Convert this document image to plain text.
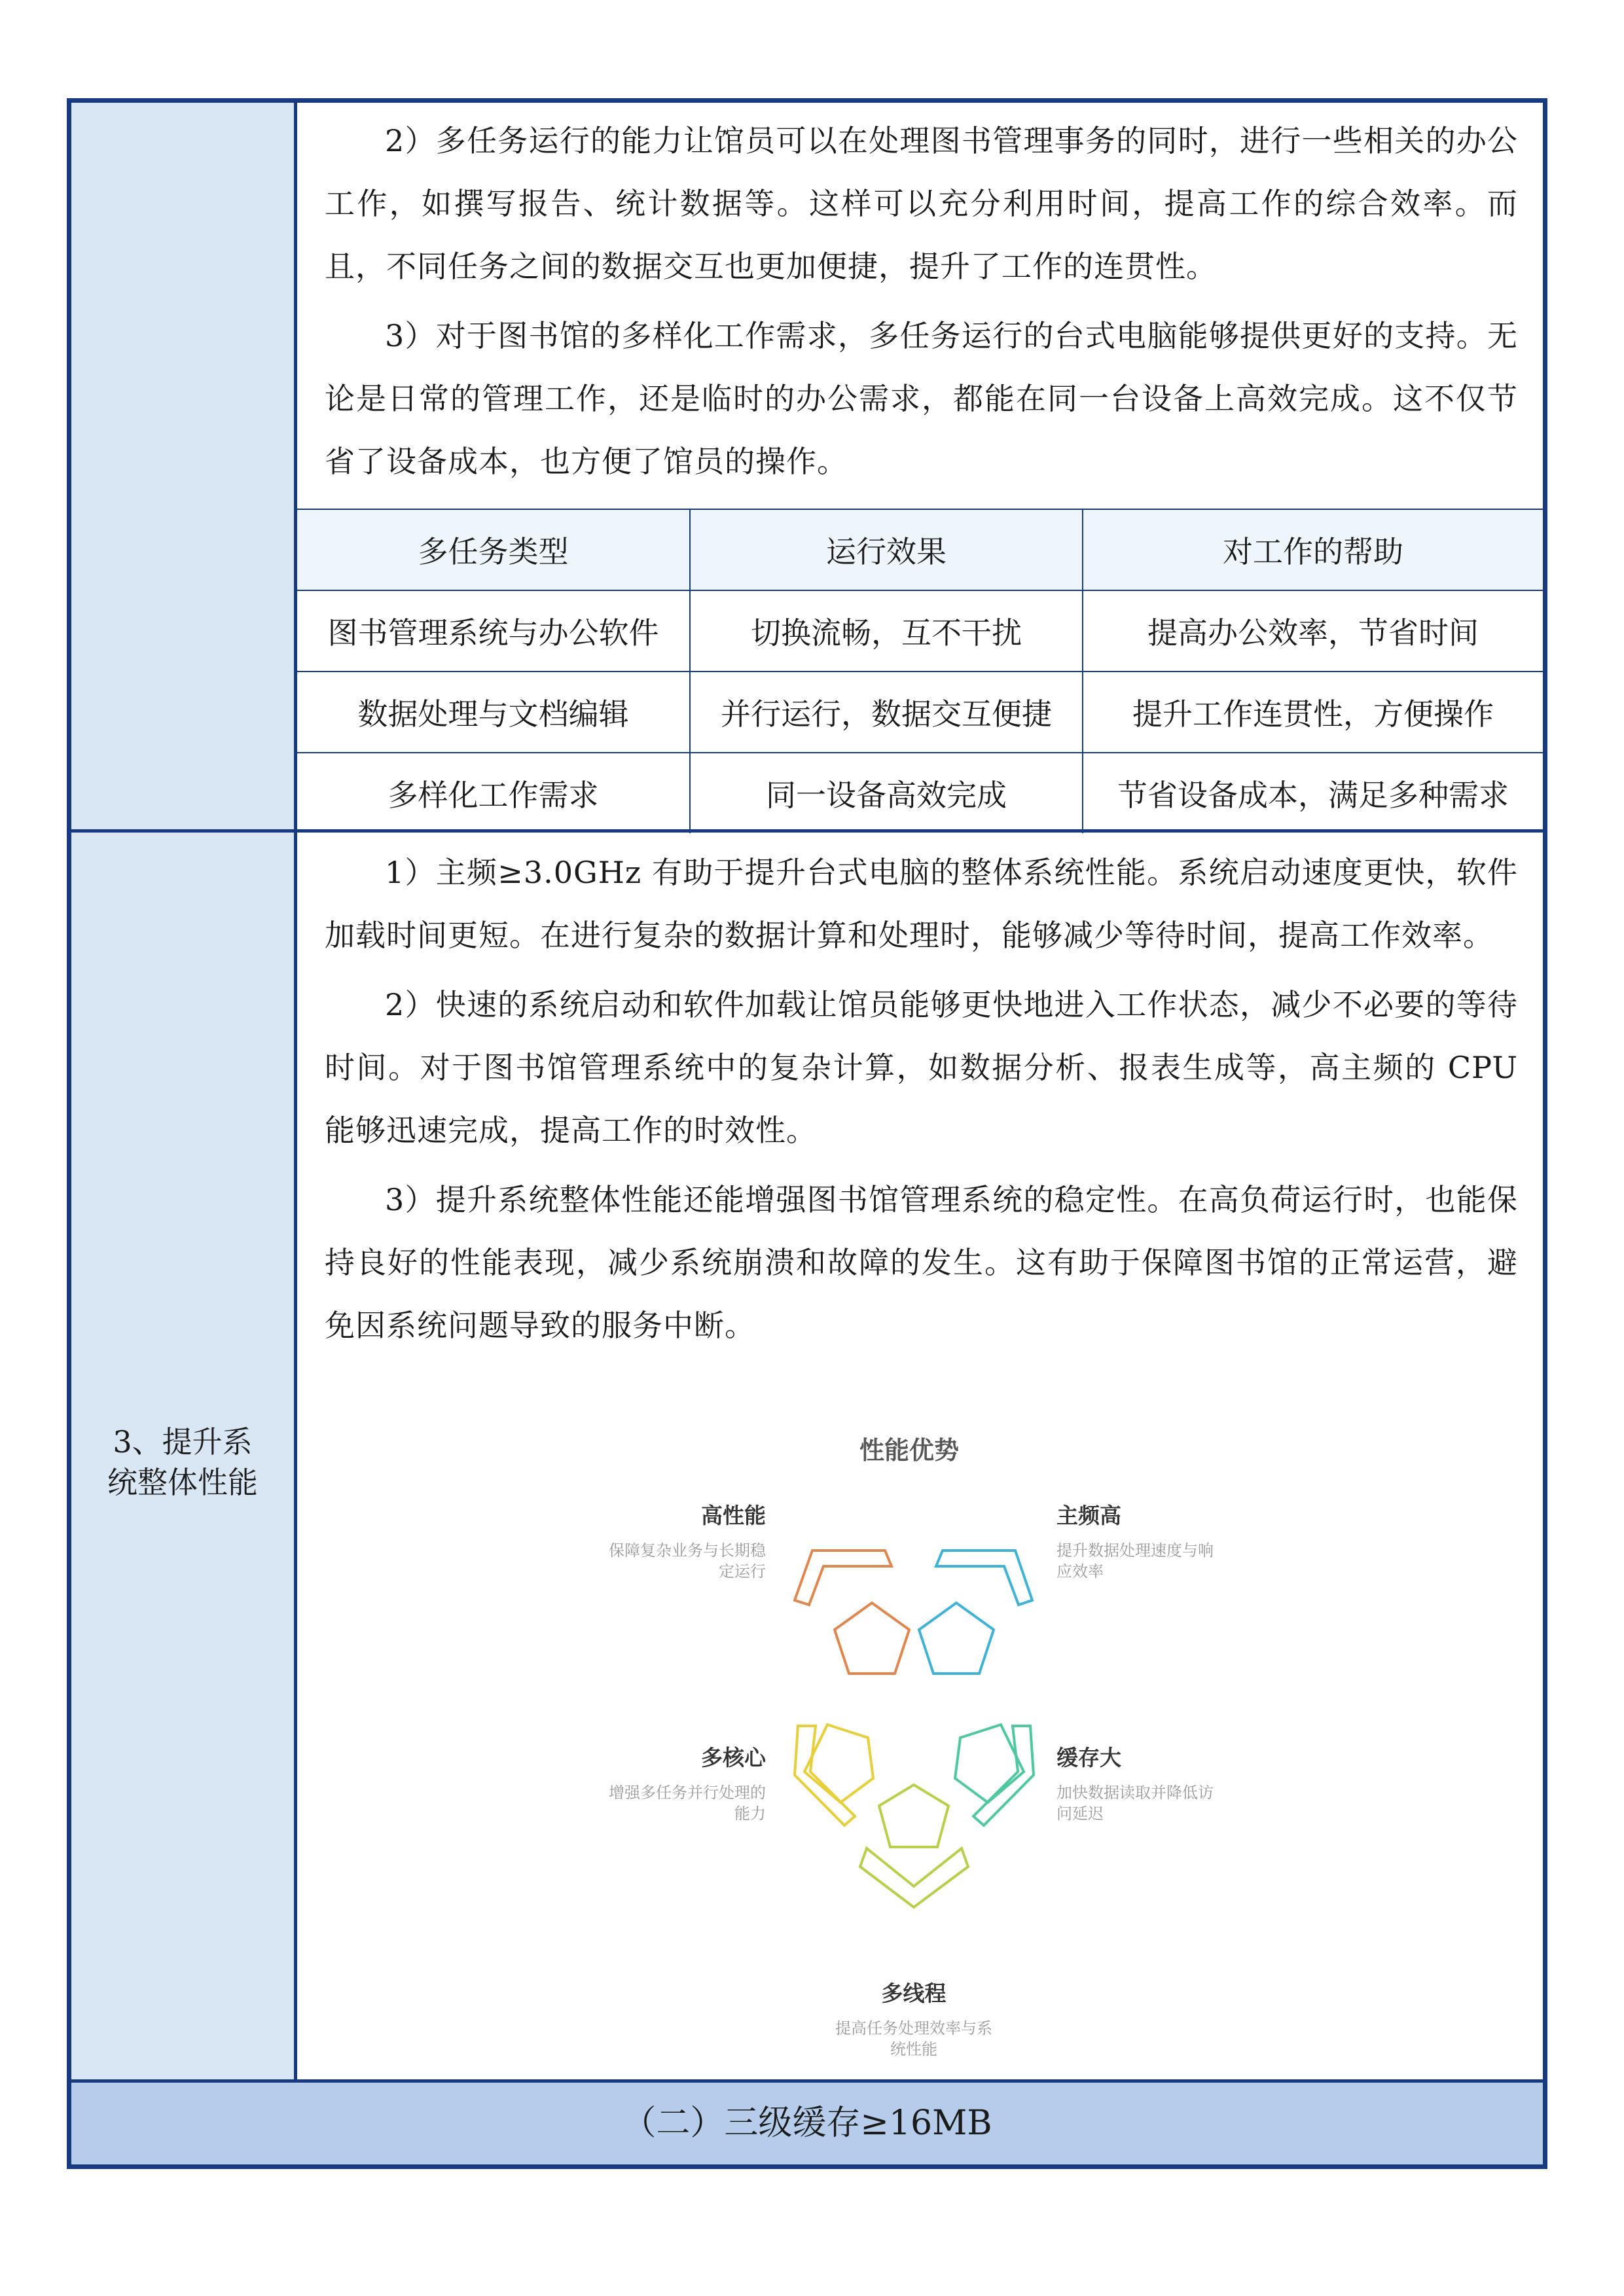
2）多任务运行的能力让馆员可以在处理图书管理事务的同时，进行一些相关的办公工作，如撰写报告、统计数据等。这样可以充分利用时间，提高工作的综合效率。而且，不同任务之间的数据交互也更加便捷，提升了工作的连贯性。

3）对于图书馆的多样化工作需求，多任务运行的台式电脑能够提供更好的支持。无论是日常的管理工作，还是临时的办公需求，都能在同一台设备上高效完成。这不仅节省了设备成本，也方便了馆员的操作。

多任务类型	运行效果	对工作的帮助
图书管理系统与办公软件	切换流畅，互不干扰	提高办公效率，节省时间
数据处理与文档编辑	并行运行，数据交互便捷	提升工作连贯性，方便操作
多样化工作需求	同一设备高效完成	节省设备成本，满足多种需求
3、提升系
统整体性能

1）主频≥3.0GHz 有助于提升台式电脑的整体系统性能。系统启动速度更快，软件加载时间更短。在进行复杂的数据计算和处理时，能够减少等待时间，提高工作效率。

2）快速的系统启动和软件加载让馆员能够更快地进入工作状态，减少不必要的等待时间。对于图书馆管理系统中的复杂计算，如数据分析、报表生成等，高主频的 CPU 能够迅速完成，提高工作的时效性。

3）提升系统整体性能还能增强图书馆管理系统的稳定性。在高负荷运行时，也能保持良好的性能表现，减少系统崩溃和故障的发生。这有助于保障图书馆的正常运营，避免因系统问题导致的服务中断。

性能优势
高性能
保障复杂业务与长期稳
定运行
主频高
提升数据处理速度与响
应效率
多核心
增强多任务并行处理的
能力
缓存大
加快数据读取并降低访
问延迟
多线程
提高任务处理效率与系
统性能
（二）三级缓存≥16MB
